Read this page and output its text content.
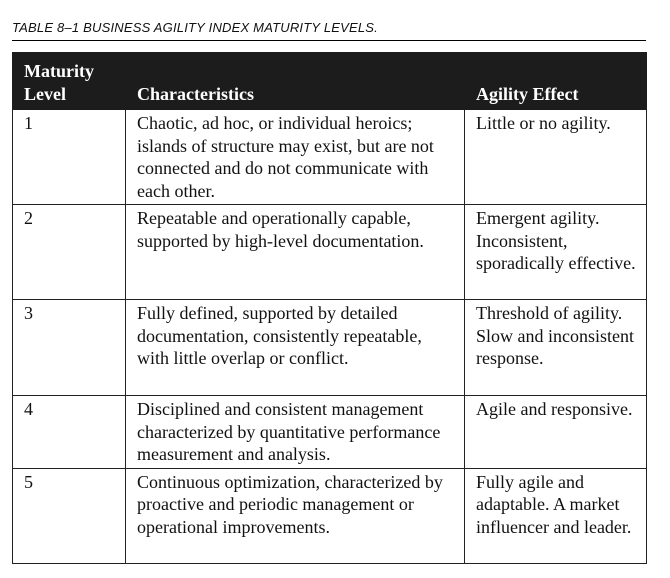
TABLE 8–1 BUSINESS AGILITY INDEX MATURITY LEVELS.
Maturity
Level	Characteristics	Agility Effect
1	Chaotic, ad hoc, or individual heroics; islands of structure may exist, but are not connected and do not communicate with each other.	Little or no agility.
2	Repeatable and operationally capable, supported by high-level documentation.	Emergent agility. Inconsistent, sporadically effective.
3	Fully defined, supported by detailed documentation, consistently repeatable, with little overlap or conflict.	Threshold of agility. Slow and inconsistent response.
4	Disciplined and consistent management characterized by quantitative performance measurement and analysis.	Agile and responsive.
5	Continuous optimization, characterized by proactive and periodic management or operational improvements.	Fully agile and adaptable. A market influencer and leader.
